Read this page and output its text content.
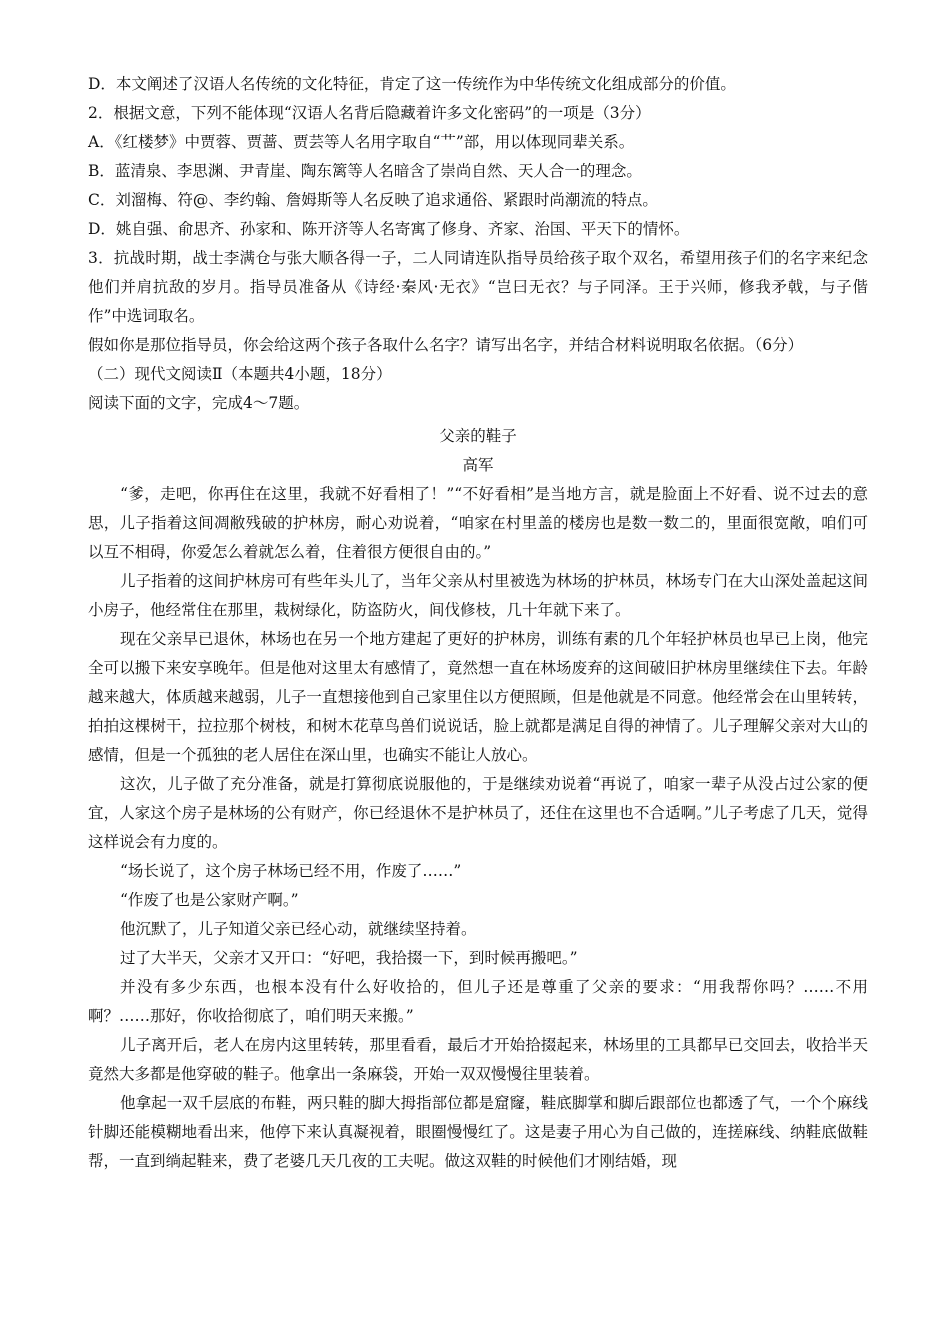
D．本文阐述了汉语人名传统的文化特征，肯定了这一传统作为中华传统文化组成部分的价值。

2．根据文意，下列不能体现“汉语人名背后隐藏着许多文化密码”的一项是（3分）

A．《红楼梦》中贾蓉、贾蔷、贾芸等人名用字取自“艹”部，用以体现同辈关系。

B．蓝清泉、李思渊、尹青崖、陶东篱等人名暗含了崇尚自然、天人合一的理念。

C．刘溜梅、符@、李约翰、詹姆斯等人名反映了追求通俗、紧跟时尚潮流的特点。

D．姚自强、俞思齐、孙家和、陈开济等人名寄寓了修身、齐家、治国、平天下的情怀。

3．抗战时期，战士李满仓与张大顺各得一子，二人同请连队指导员给孩子取个双名，希望用孩子们的名字来纪念他们并肩抗敌的岁月。指导员准备从《诗经·秦风·无衣》“岂曰无衣？与子同泽。王于兴师，修我矛戟，与子偕作”中选词取名。

假如你是那位指导员，你会给这两个孩子各取什么名字？请写出名字，并结合材料说明取名依据。（6分）

（二）现代文阅读Ⅱ（本题共4小题，18分）

阅读下面的文字，完成4～7题。

父亲的鞋子

高军

“爹，走吧，你再住在这里，我就不好看相了！”“不好看相”是当地方言，就是脸面上不好看、说不过去的意思，儿子指着这间凋敝残破的护林房，耐心劝说着，“咱家在村里盖的楼房也是数一数二的，里面很宽敞，咱们可以互不相碍，你爱怎么着就怎么着，住着很方便很自由的。”

儿子指着的这间护林房可有些年头儿了，当年父亲从村里被选为林场的护林员，林场专门在大山深处盖起这间小房子，他经常住在那里，栽树绿化，防盗防火，间伐修枝，几十年就下来了。

现在父亲早已退休，林场也在另一个地方建起了更好的护林房，训练有素的几个年轻护林员也早已上岗，他完全可以搬下来安享晚年。但是他对这里太有感情了，竟然想一直在林场废弃的这间破旧护林房里继续住下去。年龄越来越大，体质越来越弱，儿子一直想接他到自己家里住以方便照顾，但是他就是不同意。他经常会在山里转转，拍拍这棵树干，拉拉那个树枝，和树木花草鸟兽们说说话，脸上就都是满足自得的神情了。儿子理解父亲对大山的感情，但是一个孤独的老人居住在深山里，也确实不能让人放心。

这次，儿子做了充分准备，就是打算彻底说服他的，于是继续劝说着“再说了，咱家一辈子从没占过公家的便宜，人家这个房子是林场的公有财产，你已经退休不是护林员了，还住在这里也不合适啊。”儿子考虑了几天，觉得这样说会有力度的。

“场长说了，这个房子林场已经不用，作废了……”

“作废了也是公家财产啊。”

他沉默了，儿子知道父亲已经心动，就继续坚持着。

过了大半天，父亲才又开口：“好吧，我拾掇一下，到时候再搬吧。”

并没有多少东西，也根本没有什么好收拾的，但儿子还是尊重了父亲的要求：“用我帮你吗？……不用啊？……那好，你收拾彻底了，咱们明天来搬。”

儿子离开后，老人在房内这里转转，那里看看，最后才开始拾掇起来，林场里的工具都早已交回去，收拾半天竟然大多都是他穿破的鞋子。他拿出一条麻袋，开始一双双慢慢往里装着。

他拿起一双千层底的布鞋，两只鞋的脚大拇指部位都是窟窿，鞋底脚掌和脚后跟部位也都透了气，一个个麻线针脚还能模糊地看出来，他停下来认真凝视着，眼圈慢慢红了。这是妻子用心为自己做的，连搓麻线、纳鞋底做鞋帮，一直到绱起鞋来，费了老婆几天几夜的工夫呢。做这双鞋的时候他们才刚结婚，现
